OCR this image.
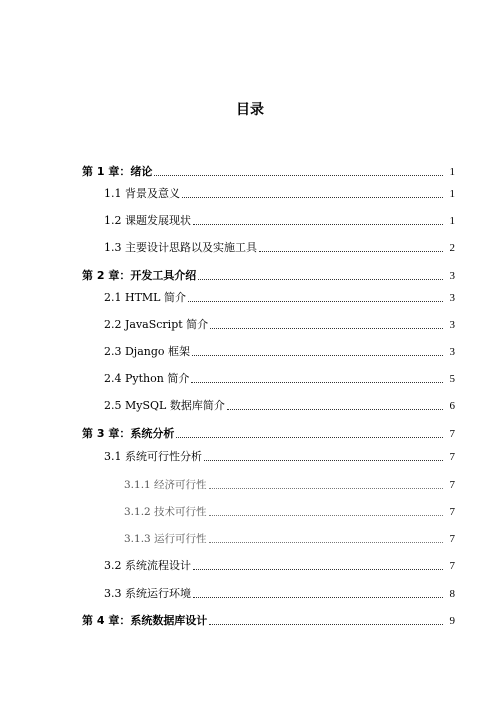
目录
第 1 章：绪论	1
1.1 背景及意义	1
1.2 课题发展现状	1
1.3 主要设计思路以及实施工具	2
第 2 章：开发工具介绍	3
2.1 HTML 简介	3
2.2 JavaScript 简介	3
2.3 Django 框架	3
2.4 Python 简介	5
2.5 MySQL 数据库简介	6
第 3 章：系统分析	7
3.1 系统可行性分析	7
3.1.1 经济可行性	7
3.1.2 技术可行性	7
3.1.3 运行可行性	7
3.2 系统流程设计	7
3.3 系统运行环境	8
第 4 章：系统数据库设计	9
